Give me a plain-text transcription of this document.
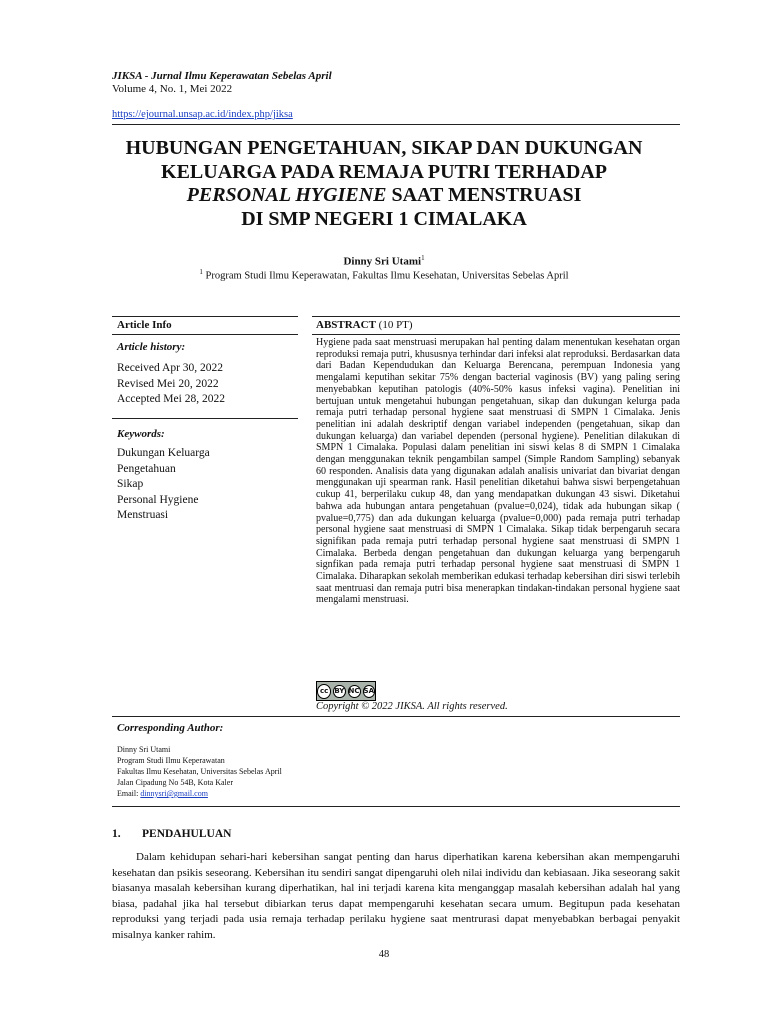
JIKSA - Jurnal Ilmu Keperawatan Sebelas April
Volume 4, No. 1, Mei 2022
https://ejournal.unsap.ac.id/index.php/jiksa
HUBUNGAN PENGETAHUAN, SIKAP DAN DUKUNGAN
KELUARGA PADA REMAJA PUTRI TERHADAP
PERSONAL HYGIENE SAAT MENSTRUASI
DI SMP NEGERI 1 CIMALAKA
Dinny Sri Utami$^1$
$^1$ Program Studi Ilmu Keperawatan, Fakultas Ilmu Kesehatan, Universitas Sebelas April
Article Info
Article history:
Received Apr 30, 2022
Revised Mei 20, 2022
Accepted Mei 28, 2022
Keywords:
Dukungan Keluarga
Pengetahuan
Sikap
Personal Hygiene
Menstruasi
ABSTRACT (10 PT)
Hygiene pada saat menstruasi merupakan hal penting dalam menentukan kesehatan organ reproduksi remaja putri, khususnya terhindar dari infeksi alat reproduksi. Berdasarkan data dari Badan Kependudukan dan Keluarga Berencana, perempuan Indonesia yang mengalami keputihan sekitar 75% dengan bacterial vaginosis (BV) yang paling sering menyebabkan keputihan patologis (40%-50% kasus infeksi vagina). Penelitian ini bertujuan untuk mengetahui hubungan pengetahuan, sikap dan dukungan kelurga pada remaja putri terhadap personal hygiene saat menstruasi di SMPN 1 Cimalaka. Jenis penelitian ini adalah deskriptif dengan variabel independen (pengetahuan, sikap dan dukungan keluarga) dan variabel dependen (personal hygiene). Penelitian dilakukan di SMPN 1 Cimalaka. Populasi dalam penelitian ini siswi kelas 8 di SMPN 1 Cimalaka dengan menggunakan teknik pengambilan sampel (Simple Random Sampling) sebanyak 60 responden. Analisis data yang digunakan adalah analisis univariat dan bivariat dengan menggunakan uji spearman rank. Hasil penelitian diketahui bahwa siswi berpengetahuan cukup 41, berperilaku cukup 48, dan yang mendapatkan dukungan 43 siswi. Diketahui bahwa ada hubungan antara pengetahuan (pvalue=0,024), tidak ada hubungan sikap ( pvalue=0,775) dan ada dukungan keluarga (pvalue=0,000) pada remaja putri terhadap personal hygiene saat menstruasi di SMPN 1 Cimalaka. Sikap tidak berpengaruh secara signifikan pada remaja putri terhadap personal hygiene saat menstruasi di SMPN 1 Cimalaka. Berbeda dengan pengetahuan dan dukungan keluarga yang berpengaruh signfikan pada remaja putri terhadap personal hygiene saat menstruasi di SMPN 1 Cimalaka. Diharapkan sekolah memberikan edukasi terhadap kebersihan diri siswi terlebih saat mentruasi dan remaja putri bisa menerapkan tindakan-tindakan personal hygiene saat mengalami menstruasi.
cc BY NC SA
Copyright © 2022 JIKSA. All rights reserved.
Corresponding Author:
Dinny Sri Utami
Program Studi Ilmu Keperawatan
Fakultas Ilmu Kesehatan, Universitas Sebelas April
Jalan Cipadung No 54B, Kota Kaler
Email: dinnysri@gmail.com
1. PENDAHULUAN
Dalam kehidupan sehari-hari kebersihan sangat penting dan harus diperhatikan karena kebersihan akan mempengaruhi kesehatan dan psikis seseorang. Kebersihan itu sendiri sangat dipengaruhi oleh nilai individu dan kebiasaan. Jika seseorang sakit biasanya masalah kebersihan kurang diperhatikan, hal ini terjadi karena kita menganggap masalah kebersihan adalah hal yang biasa, padahal jika hal tersebut dibiarkan terus dapat mempengaruhi kesehatan secara umum. Begitupun pada kesehatan reproduksi yang terjadi pada usia remaja terhadap perilaku hygiene saat mentrurasi dapat menyebabkan berbagai penyakit misalnya kanker rahim.
48
